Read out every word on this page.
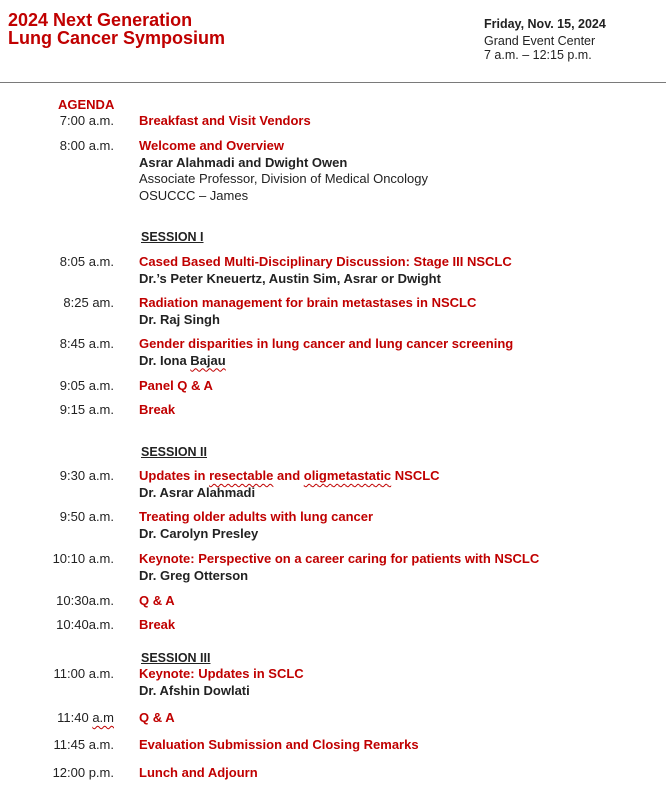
2024 Next Generation
Lung Cancer Symposium
Friday, Nov. 15, 2024
Grand Event Center
7 a.m. – 12:15 p.m.
AGENDA
7:00 a.m. Breakfast and Visit Vendors
8:00 a.m. Welcome and Overview
Asrar Alahmadi and Dwight Owen
Associate Professor, Division of Medical Oncology
OSUCCC – James
SESSION I
8:05 a.m. Cased Based Multi-Disciplinary Discussion: Stage III NSCLC
Dr.’s Peter Kneuertz, Austin Sim, Asrar or Dwight
8:25 am. Radiation management for brain metastases in NSCLC
Dr. Raj Singh
8:45 a.m. Gender disparities in lung cancer and lung cancer screening
Dr. Iona Bajau
9:05 a.m. Panel Q & A
9:15 a.m. Break
SESSION II
9:30 a.m. Updates in resectable and oligmetastatic NSCLC
Dr. Asrar Alahmadi
9:50 a.m. Treating older adults with lung cancer
Dr. Carolyn Presley
10:10 a.m. Keynote: Perspective on a career caring for patients with NSCLC
Dr. Greg Otterson
10:30a.m. Q & A
10:40a.m. Break
SESSION III
11:00 a.m. Keynote: Updates in SCLC
Dr. Afshin Dowlati
11:40 a.m Q & A
11:45 a.m. Evaluation Submission and Closing Remarks
12:00 p.m. Lunch and Adjourn
